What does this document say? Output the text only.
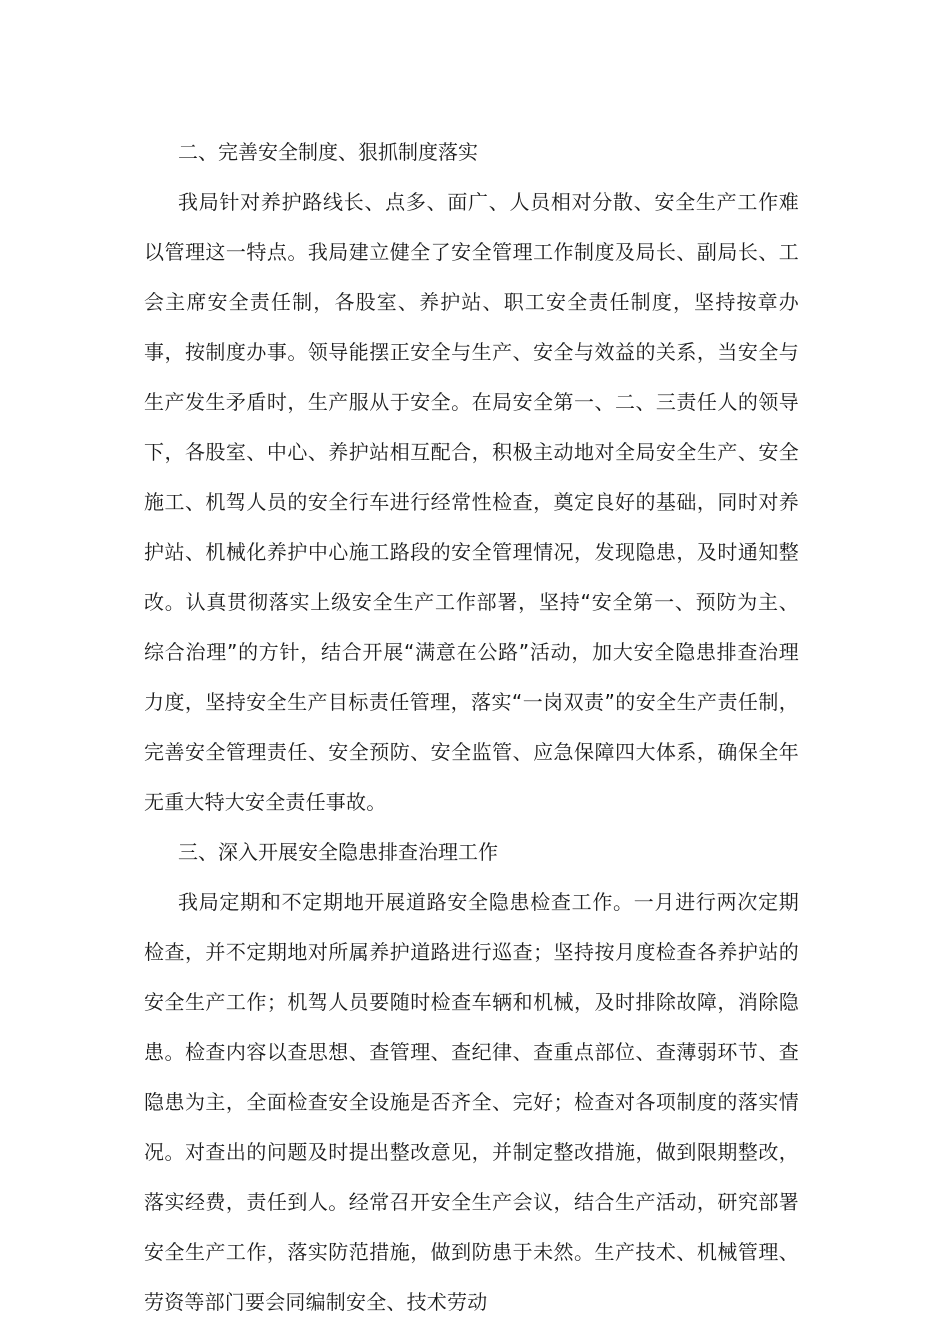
二、完善安全制度、狠抓制度落实

我局针对养护路线长、点多、面广、人员相对分散、安全生产工作难以管理这一特点。我局建立健全了安全管理工作制度及局长、副局长、工会主席安全责任制，各股室、养护站、职工安全责任制度，坚持按章办事，按制度办事。领导能摆正安全与生产、安全与效益的关系，当安全与生产发生矛盾时，生产服从于安全。在局安全第一、二、三责任人的领导下，各股室、中心、养护站相互配合，积极主动地对全局安全生产、安全施工、机驾人员的安全行车进行经常性检查，奠定良好的基础，同时对养护站、机械化养护中心施工路段的安全管理情况，发现隐患，及时通知整改。认真贯彻落实上级安全生产工作部署，坚持“安全第一、预防为主、综合治理”的方针，结合开展“满意在公路”活动，加大安全隐患排查治理力度，坚持安全生产目标责任管理，落实“一岗双责”的安全生产责任制，完善安全管理责任、安全预防、安全监管、应急保障四大体系，确保全年无重大特大安全责任事故。

三、深入开展安全隐患排查治理工作

我局定期和不定期地开展道路安全隐患检查工作。一月进行两次定期检查，并不定期地对所属养护道路进行巡查；坚持按月度检查各养护站的安全生产工作；机驾人员要随时检查车辆和机械，及时排除故障，消除隐患。检查内容以查思想、查管理、查纪律、查重点部位、查薄弱环节、查隐患为主，全面检查安全设施是否齐全、完好；检查对各项制度的落实情况。对查出的问题及时提出整改意见，并制定整改措施，做到限期整改，落实经费，责任到人。经常召开安全生产会议，结合生产活动，研究部署安全生产工作，落实防范措施，做到防患于未然。生产技术、机械管理、劳资等部门要会同编制安全、技术劳动
